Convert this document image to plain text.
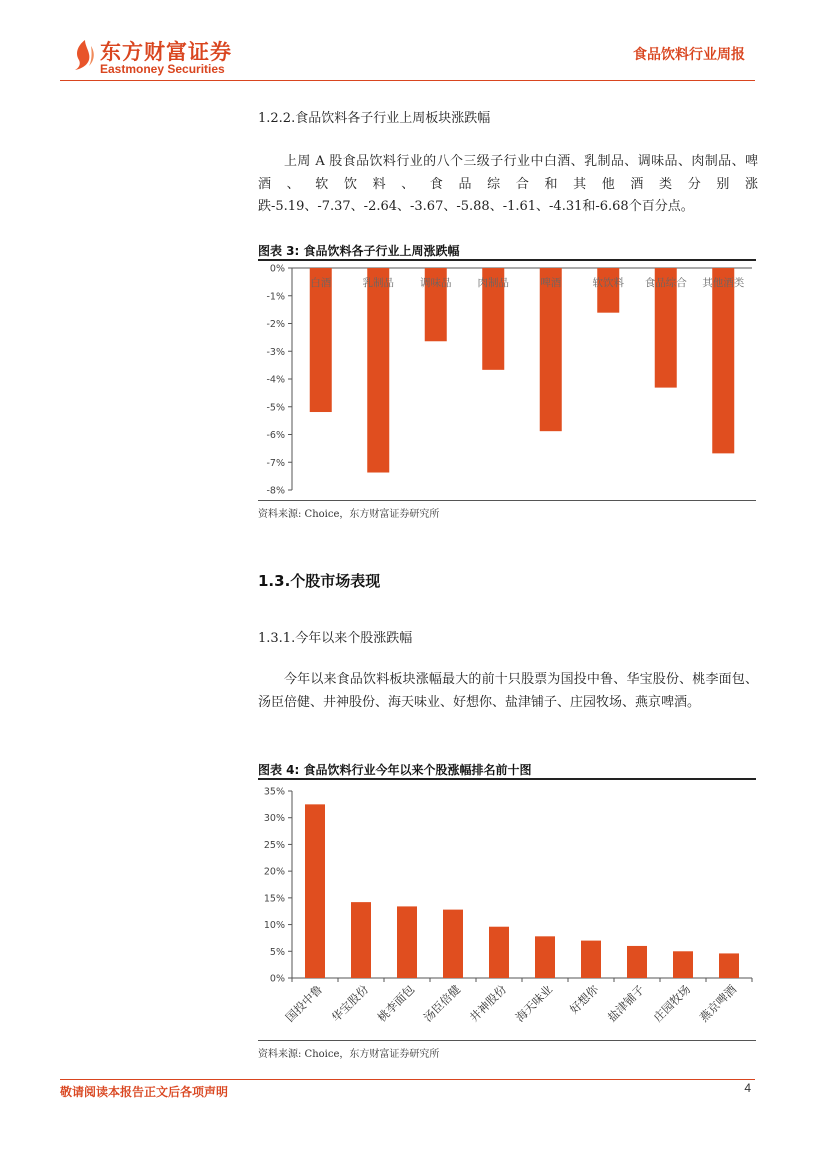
东方财富证券
Eastmoney Securities
食品饮料行业周报
1.2.2.食品饮料各子行业上周板块涨跌幅
上周 A 股食品饮料行业的八个三级子行业中白酒、乳制品、调味品、肉制品、啤酒、软饮料、食品综合和其他酒类分别涨跌-5.19、-7.37、-2.64、-3.67、-5.88、-1.61、-4.31和-6.68个百分点。
图表 3: 食品饮料各子行业上周涨跌幅
0%
-1%
-2%
-3%
-4%
-5%
-6%
-7%
-8%
白酒	乳制品 调味品 肉制品	啤酒	软饮料 食品综合 其他酒类
资料来源: Choice，东方财富证券研究所
1.3.个股市场表现
1.3.1.今年以来个股涨跌幅
今年以来食品饮料板块涨幅最大的前十只股票为国投中鲁、华宝股份、桃李面包、汤臣倍健、井神股份、海天味业、好想你、盐津铺子、庄园牧场、燕京啤酒。
图表 4: 食品饮料行业今年以来个股涨幅排名前十图
35%
30%
25%
20%
15%
10%
5%
0%
国投中鲁 华宝股份 桃李面包 汤臣倍健 井神股份 海天味业 好想你 盐津铺子 庄园牧场 燕京啤酒
资料来源: Choice，东方财富证券研究所
敬请阅读本报告正文后各项声明	4
